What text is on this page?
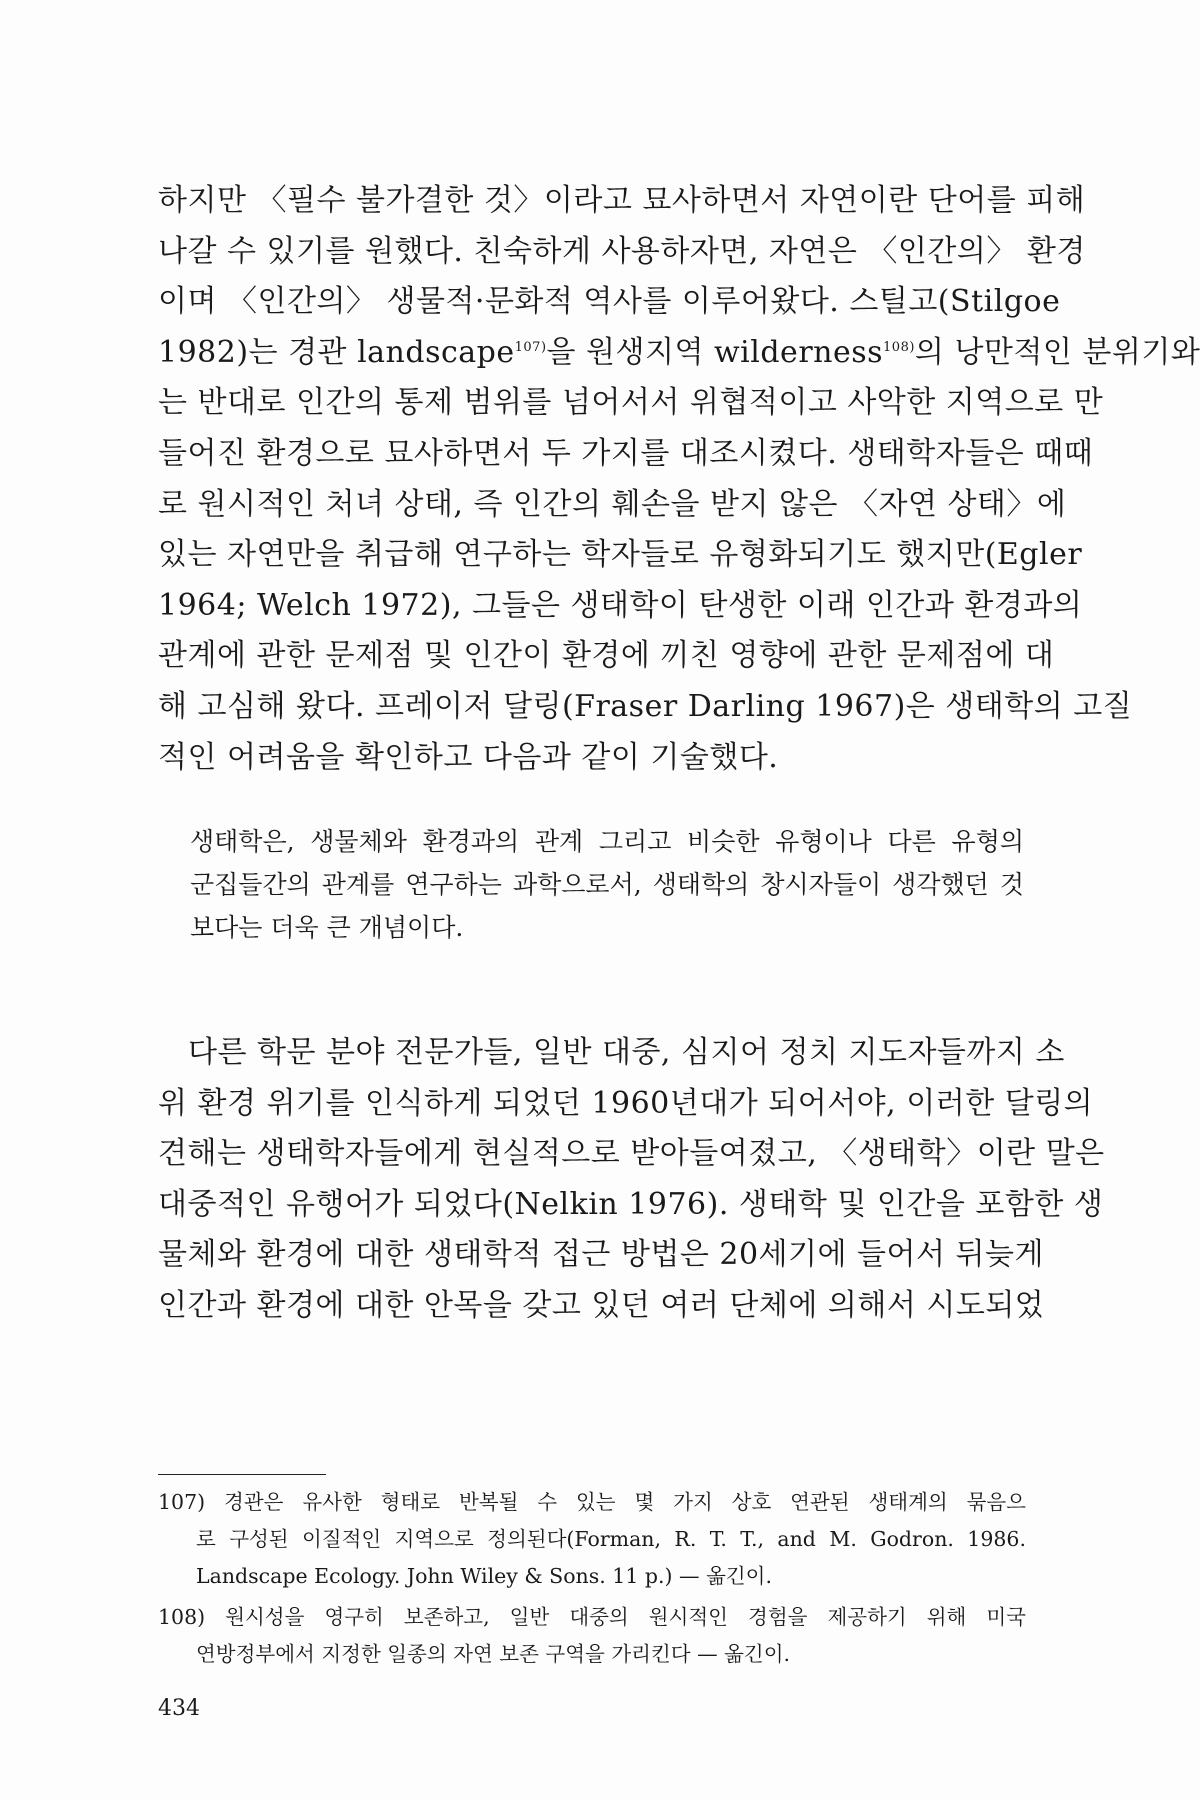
하지만 〈필수 불가결한 것〉이라고 묘사하면서 자연이란 단어를 피해
나갈 수 있기를 원했다. 친숙하게 사용하자면, 자연은 〈인간의〉 환경
이며 〈인간의〉 생물적·문화적 역사를 이루어왔다. 스틸고(Stilgoe
1982)는 경관 landscape$^{107)}$을 원생지역 wilderness$^{108)}$의 낭만적인 분위기와
는 반대로 인간의 통제 범위를 넘어서서 위협적이고 사악한 지역으로 만
들어진 환경으로 묘사하면서 두 가지를 대조시켰다. 생태학자들은 때때
로 원시적인 처녀 상태, 즉 인간의 훼손을 받지 않은 〈자연 상태〉에
있는 자연만을 취급해 연구하는 학자들로 유형화되기도 했지만(Egler
1964; Welch 1972), 그들은 생태학이 탄생한 이래 인간과 환경과의
관계에 관한 문제점 및 인간이 환경에 끼친 영향에 관한 문제점에 대
해 고심해 왔다. 프레이저 달링(Fraser Darling 1967)은 생태학의 고질
적인 어려움을 확인하고 다음과 같이 기술했다.
생태학은, 생물체와 환경과의 관계 그리고 비슷한 유형이나 다른 유형의
군집들간의 관계를 연구하는 과학으로서, 생태학의 창시자들이 생각했던 것
보다는 더욱 큰 개념이다.
다른 학문 분야 전문가들, 일반 대중, 심지어 정치 지도자들까지 소
위 환경 위기를 인식하게 되었던 1960년대가 되어서야, 이러한 달링의
견해는 생태학자들에게 현실적으로 받아들여졌고, 〈생태학〉이란 말은
대중적인 유행어가 되었다(Nelkin 1976). 생태학 및 인간을 포함한 생
물체와 환경에 대한 생태학적 접근 방법은 20세기에 들어서 뒤늦게
인간과 환경에 대한 안목을 갖고 있던 여러 단체에 의해서 시도되었
107) 경관은 유사한 형태로 반복될 수 있는 몇 가지 상호 연관된 생태계의 묶음으
로 구성된 이질적인 지역으로 정의된다(Forman, R. T. T., and M. Godron. 1986.
Landscape Ecology. John Wiley & Sons. 11 p.) — 옮긴이.
108) 원시성을 영구히 보존하고, 일반 대중의 원시적인 경험을 제공하기 위해 미국
연방정부에서 지정한 일종의 자연 보존 구역을 가리킨다 — 옮긴이.
434
